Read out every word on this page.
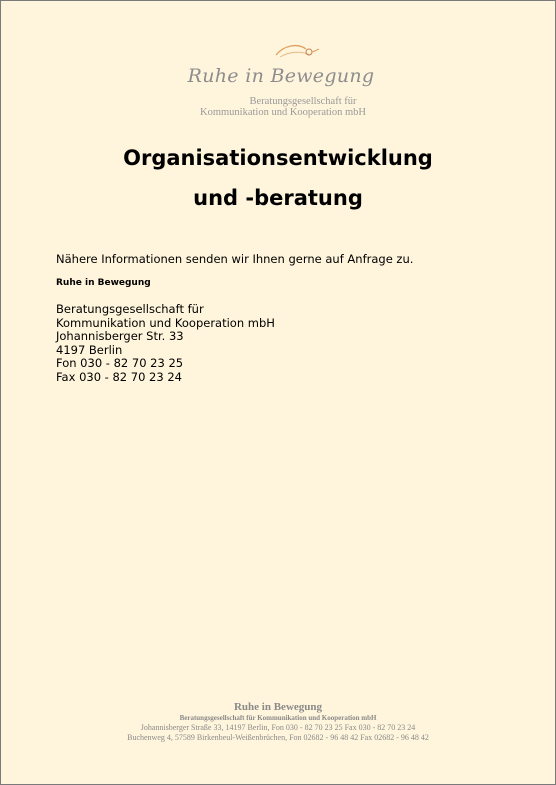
Ruhe in Bewegung
Beratungsgesellschaft für
Kommunikation und Kooperation mbH
Organisationsentwicklung
und -beratung
Nähere Informationen senden wir Ihnen gerne auf Anfrage zu.
Ruhe in Bewegung
Beratungsgesellschaft für
Kommunikation und Kooperation mbH
Johannisberger Str. 33
4197 Berlin
Fon 030 - 82 70 23 25
Fax 030 - 82 70 23 24
Ruhe in Bewegung
Beratungsgesellschaft für Kommunikation und Kooperation mbH
Johannisberger Straße 33, 14197 Berlin, Fon 030 - 82 70 23 25 Fax 030 - 82 70 23 24
Buchenweg 4, 57589 Birkenbeul-Weißenbrüchen, Fon 02682 - 96 48 42 Fax 02682 - 96 48 42
